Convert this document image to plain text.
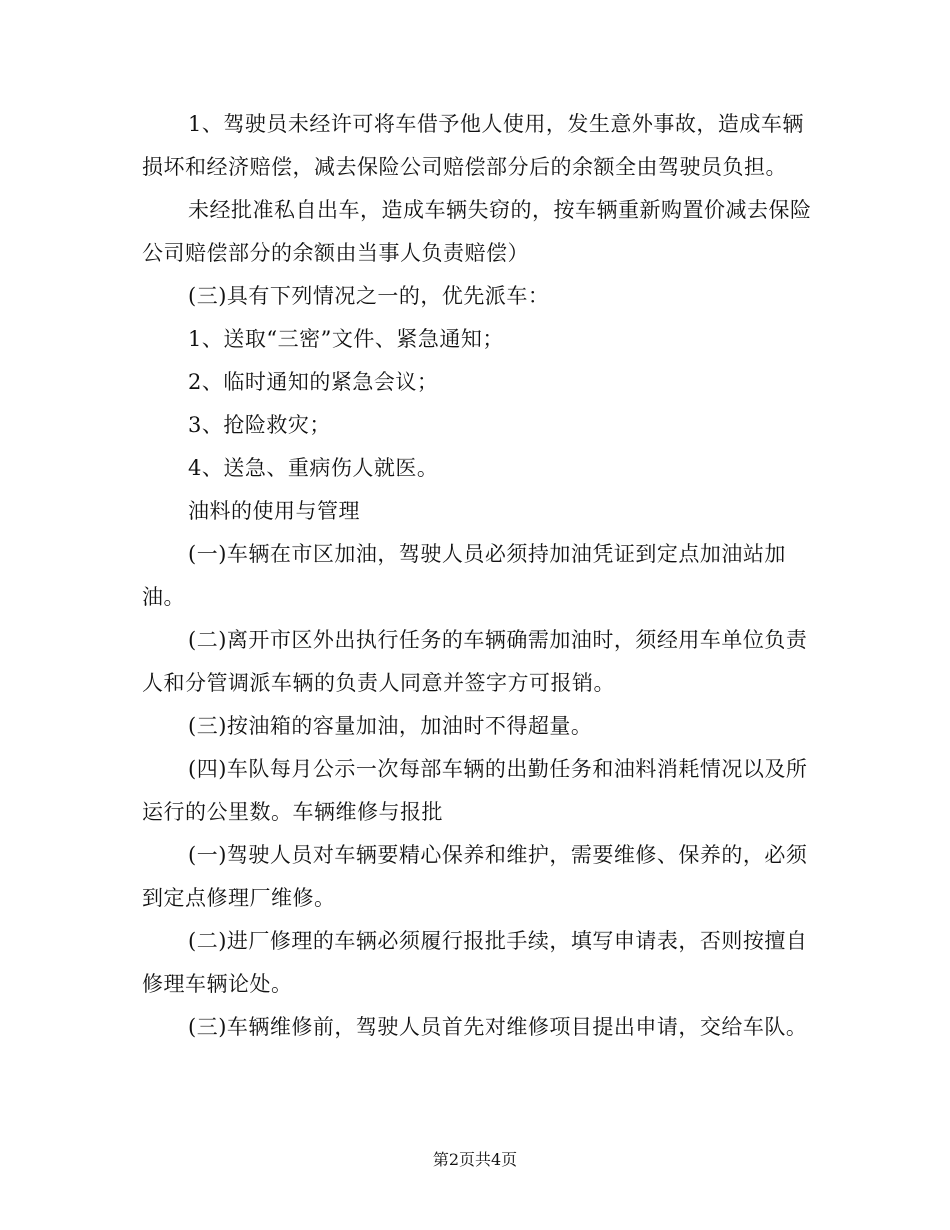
1、驾驶员未经许可将车借予他人使用，发生意外事故，造成车辆损坏和经济赔偿，减去保险公司赔偿部分后的余额全由驾驶员负担。

未经批准私自出车，造成车辆失窃的，按车辆重新购置价减去保险公司赔偿部分的余额由当事人负责赔偿）

(三)具有下列情况之一的，优先派车：

1、送取“三密”文件、紧急通知；

2、临时通知的紧急会议；

3、抢险救灾；

4、送急、重病伤人就医。

油料的使用与管理

(一)车辆在市区加油，驾驶人员必须持加油凭证到定点加油站加油。

(二)离开市区外出执行任务的车辆确需加油时，须经用车单位负责人和分管调派车辆的负责人同意并签字方可报销。

(三)按油箱的容量加油，加油时不得超量。

(四)车队每月公示一次每部车辆的出勤任务和油料消耗情况以及所运行的公里数。车辆维修与报批

(一)驾驶人员对车辆要精心保养和维护，需要维修、保养的，必须到定点修理厂维修。

(二)进厂修理的车辆必须履行报批手续，填写申请表，否则按擅自修理车辆论处。

(三)车辆维修前，驾驶人员首先对维修项目提出申请，交给车队。

第2页共4页
